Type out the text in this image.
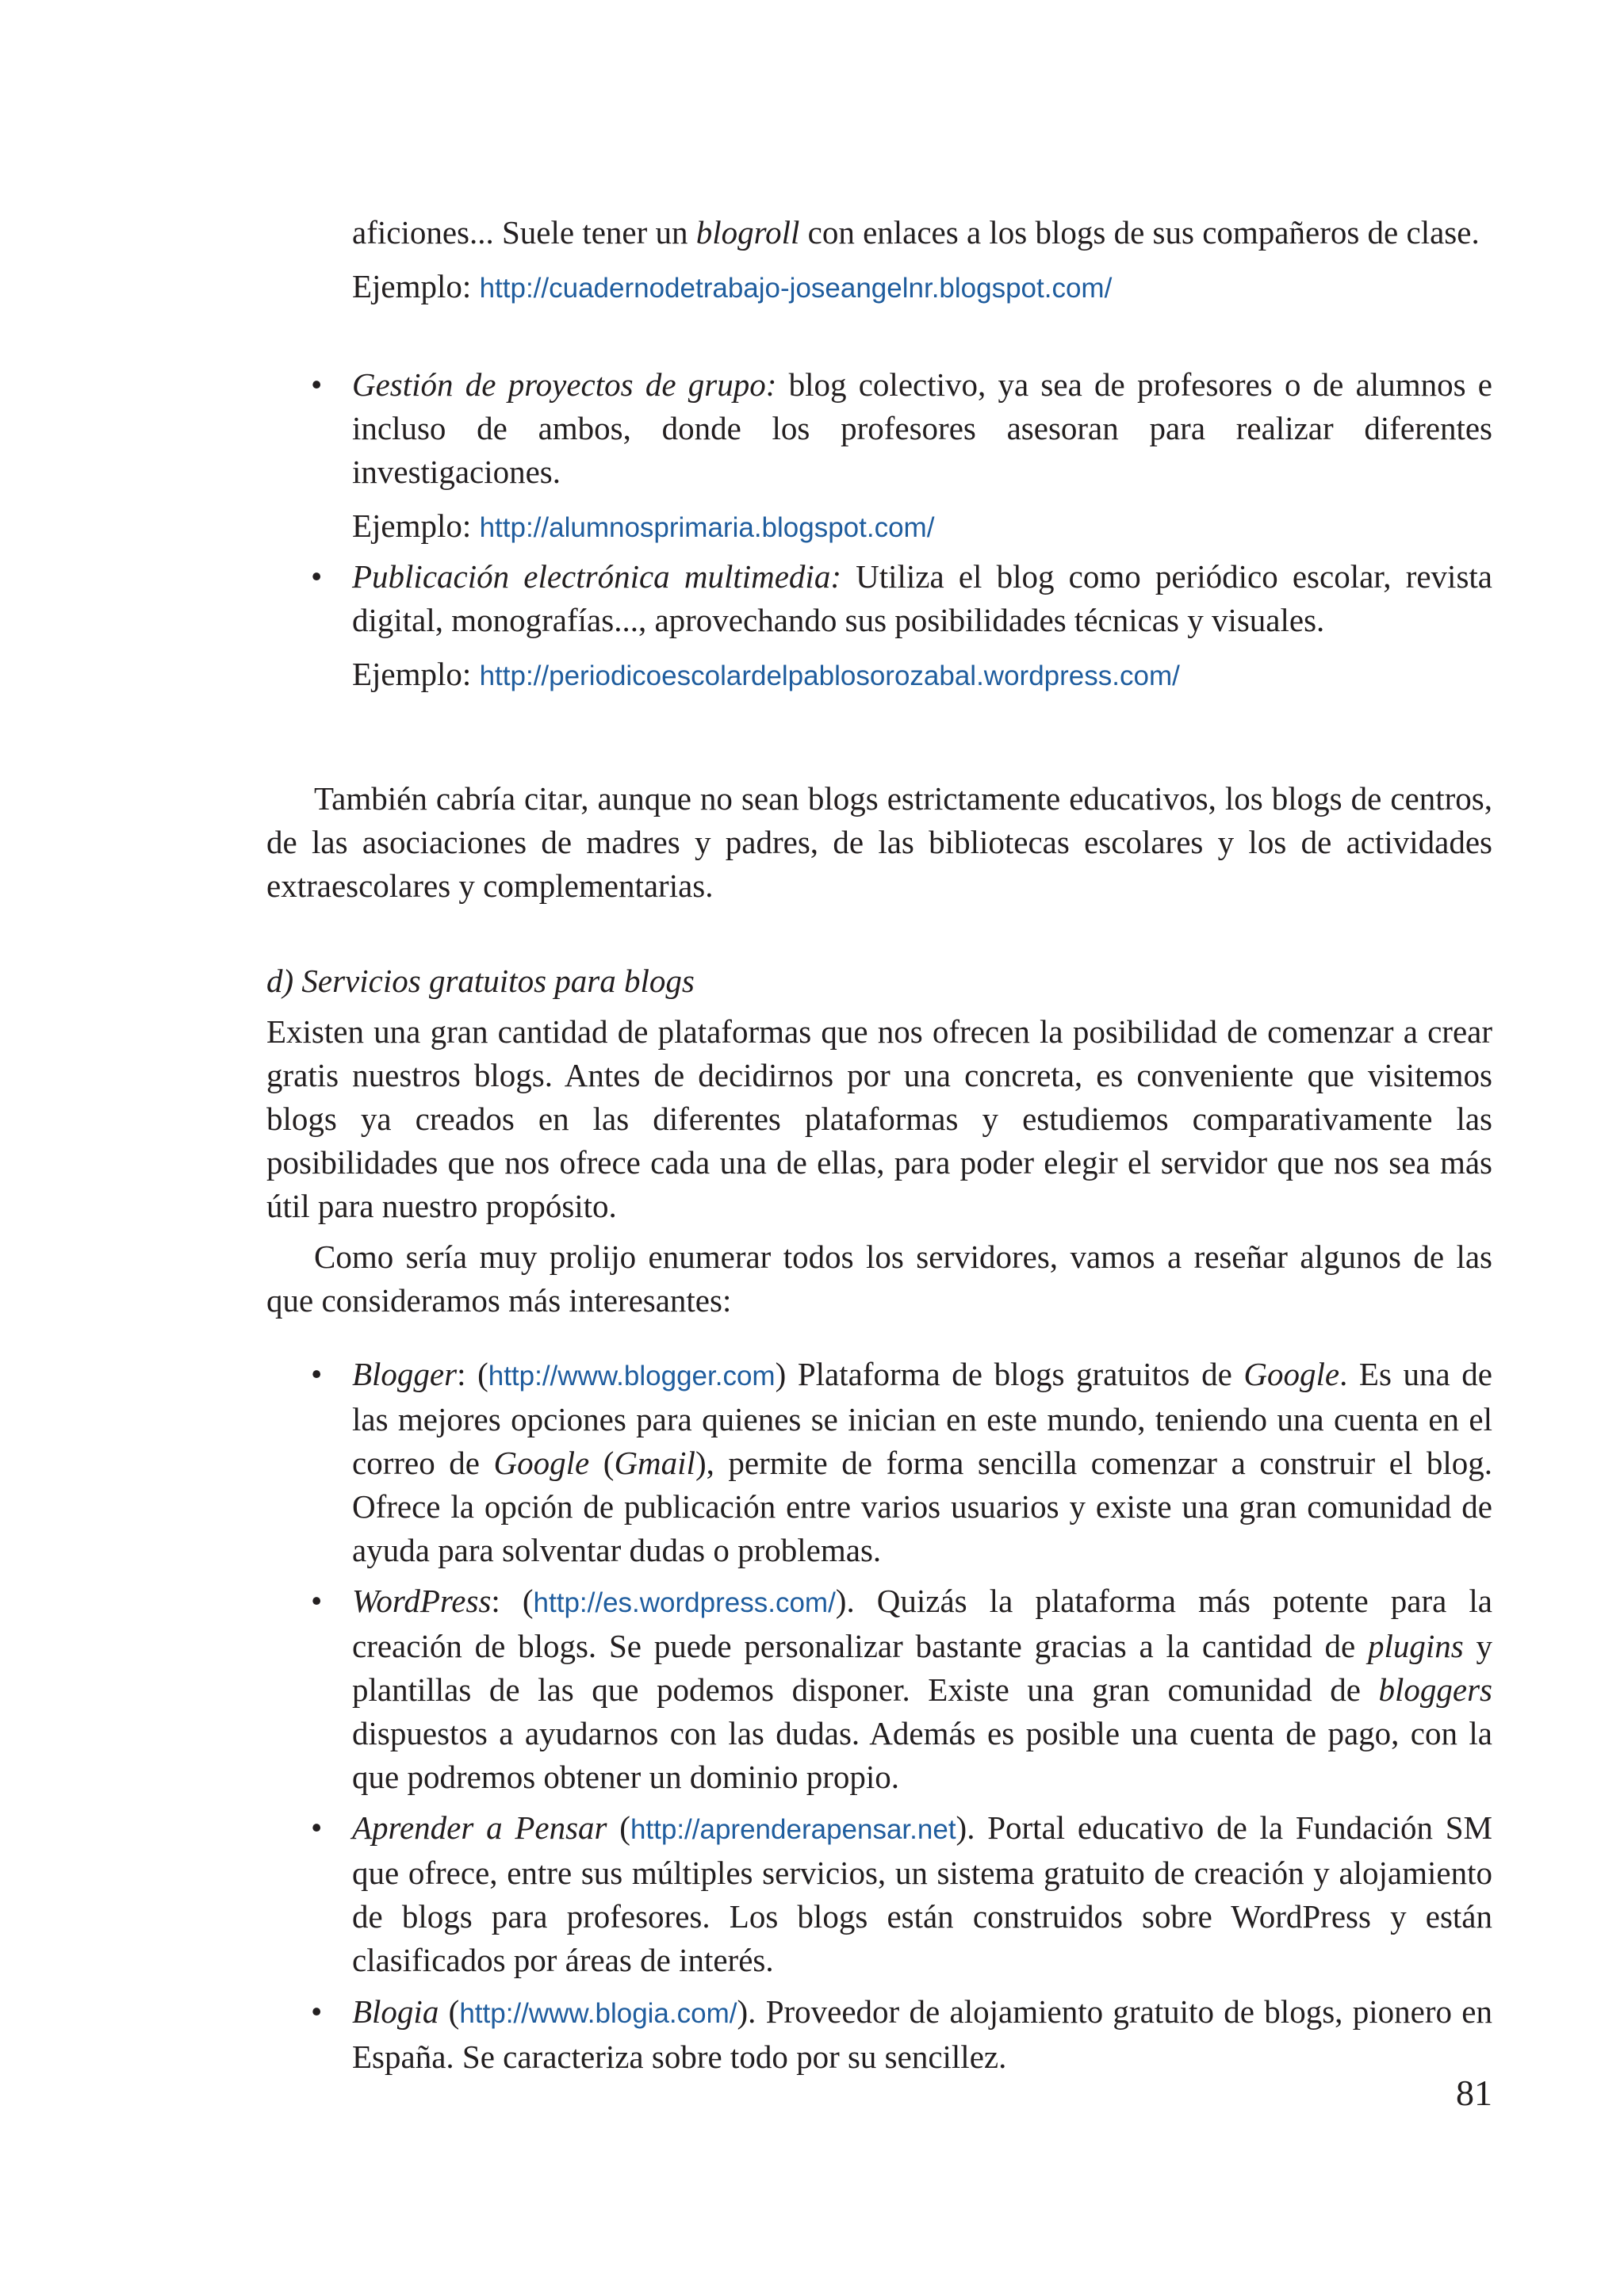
aficiones... Suele tener un blogroll con enlaces a los blogs de sus compañeros de clase.

Ejemplo: http://cuadernodetrabajo-joseangelnr.blogspot.com/
• Gestión de proyectos de grupo: blog colectivo, ya sea de profesores o de alumnos e incluso de ambos, donde los profesores asesoran para realizar diferentes investigaciones.

Ejemplo: http://alumnosprimaria.blogspot.com/
• Publicación electrónica multimedia: Utiliza el blog como periódico escolar, revista digital, monografías..., aprovechando sus posibilidades técnicas y visuales.

Ejemplo: http://periodicoescolardelpablosorozabal.wordpress.com/

También cabría citar, aunque no sean blogs estrictamente educativos, los blogs de centros, de las asociaciones de madres y padres, de las bibliotecas escolares y los de actividades extraescolares y complementarias.

d) Servicios gratuitos para blogs

Existen una gran cantidad de plataformas que nos ofrecen la posibilidad de comenzar a crear gratis nuestros blogs. Antes de decidirnos por una concreta, es conveniente que visitemos blogs ya creados en las diferentes plataformas y estudiemos comparativamente las posibilidades que nos ofrece cada una de ellas, para poder elegir el servidor que nos sea más útil para nuestro propósito.

Como sería muy prolijo enumerar todos los servidores, vamos a reseñar algunos de las que consideramos más interesantes:

• Blogger: (http://www.blogger.com) Plataforma de blogs gratuitos de Google. Es una de las mejores opciones para quienes se inician en este mundo, teniendo una cuenta en el correo de Google (Gmail), permite de forma sencilla comenzar a construir el blog. Ofrece la opción de publicación entre varios usuarios y existe una gran comunidad de ayuda para solventar dudas o problemas.

• WordPress: (http://es.wordpress.com/). Quizás la plataforma más potente para la creación de blogs. Se puede personalizar bastante gracias a la cantidad de plugins y plantillas de las que podemos disponer. Existe una gran comunidad de bloggers dispuestos a ayudarnos con las dudas. Además es posible una cuenta de pago, con la que podremos obtener un dominio propio.

• Aprender a Pensar (http://aprenderapensar.net). Portal educativo de la Fundación SM que ofrece, entre sus múltiples servicios, un sistema gratuito de creación y alojamiento de blogs para profesores. Los blogs están construidos sobre WordPress y están clasificados por áreas de interés.

• Blogia (http://www.blogia.com/). Proveedor de alojamiento gratuito de blogs, pionero en España. Se caracteriza sobre todo por su sencillez.

81
